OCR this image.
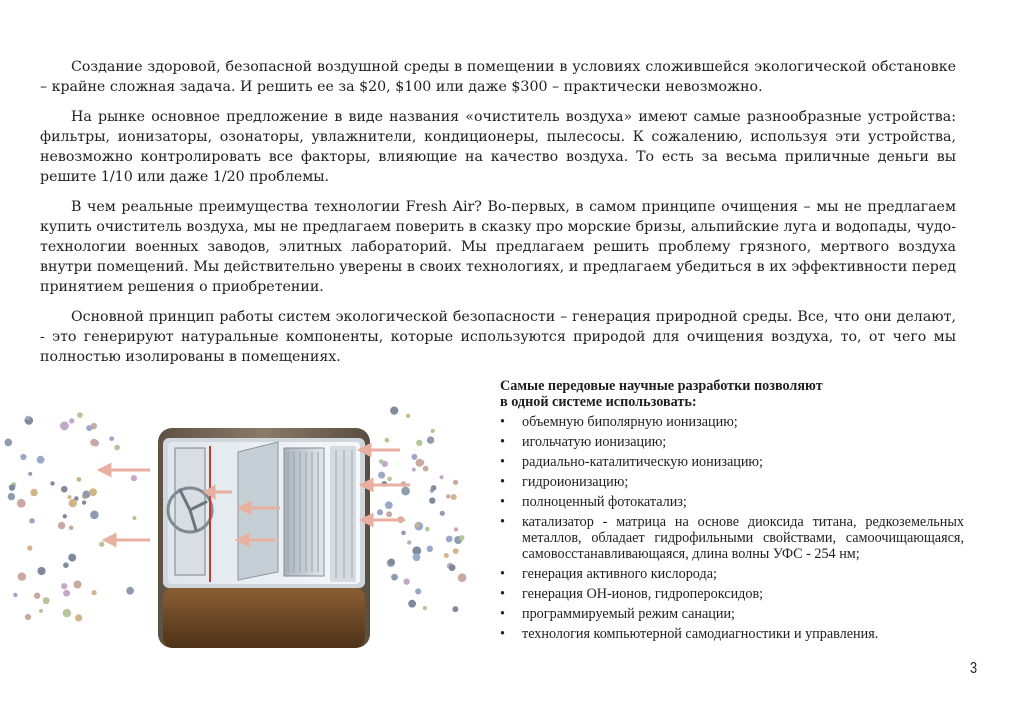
Создание здоровой, безопасной воздушной среды в помещении в условиях сложившейся экологической обстановке – крайне сложная задача. И решить ее за $20, $100 или даже $300 – практически невозможно.

На рынке основное предложение в виде названия «очиститель воздуха» имеют самые разнообразные устройства: фильтры, ионизаторы, озонаторы, увлажнители, кондиционеры, пылесосы. К сожалению, используя эти устройства, невозможно контролировать все факторы, влияющие на качество воздуха. То есть за весьма приличные деньги вы решите 1/10 или даже 1/20 проблемы.

В чем реальные преимущества технологии Fresh Air? Во-первых, в самом принципе очищения – мы не предлагаем купить очиститель воздуха, мы не предлагаем поверить в сказку про морские бризы, альпийские луга и водопады, чудо-технологии военных заводов, элитных лабораторий. Мы предлагаем решить проблему грязного, мертвого воздуха внутри помещений. Мы действительно уверены в своих технологиях, и предлагаем убедиться в их эффективности перед принятием решения о приобретении.

Основной принцип работы систем экологической безопасности – генерация природной среды. Все, что они делают, - это генерируют натуральные компоненты, которые используются природой для очищения воздуха, то, от чего мы полностью изолированы в помещениях.

Самые передовые научные разработки позволяют
в одной системе использовать:
• объемную биполярную ионизацию;
• игольчатую ионизацию;
• радиально-каталитическую ионизацию;
• гидроионизацию;
• полноценный фотокатализ;
• катализатор - матрица на основе диоксида титана, редкоземельных металлов, обладает гидрофильными свойствами, самоочищающаяся, самовосстанавливающаяся, длина волны УФС - 254 нм;
• генерация активного кислорода;
• генерация ОН-ионов, гидропероксидов;
• программируемый режим санации;
• технология компьютерной самодиагностики и управления.
3
